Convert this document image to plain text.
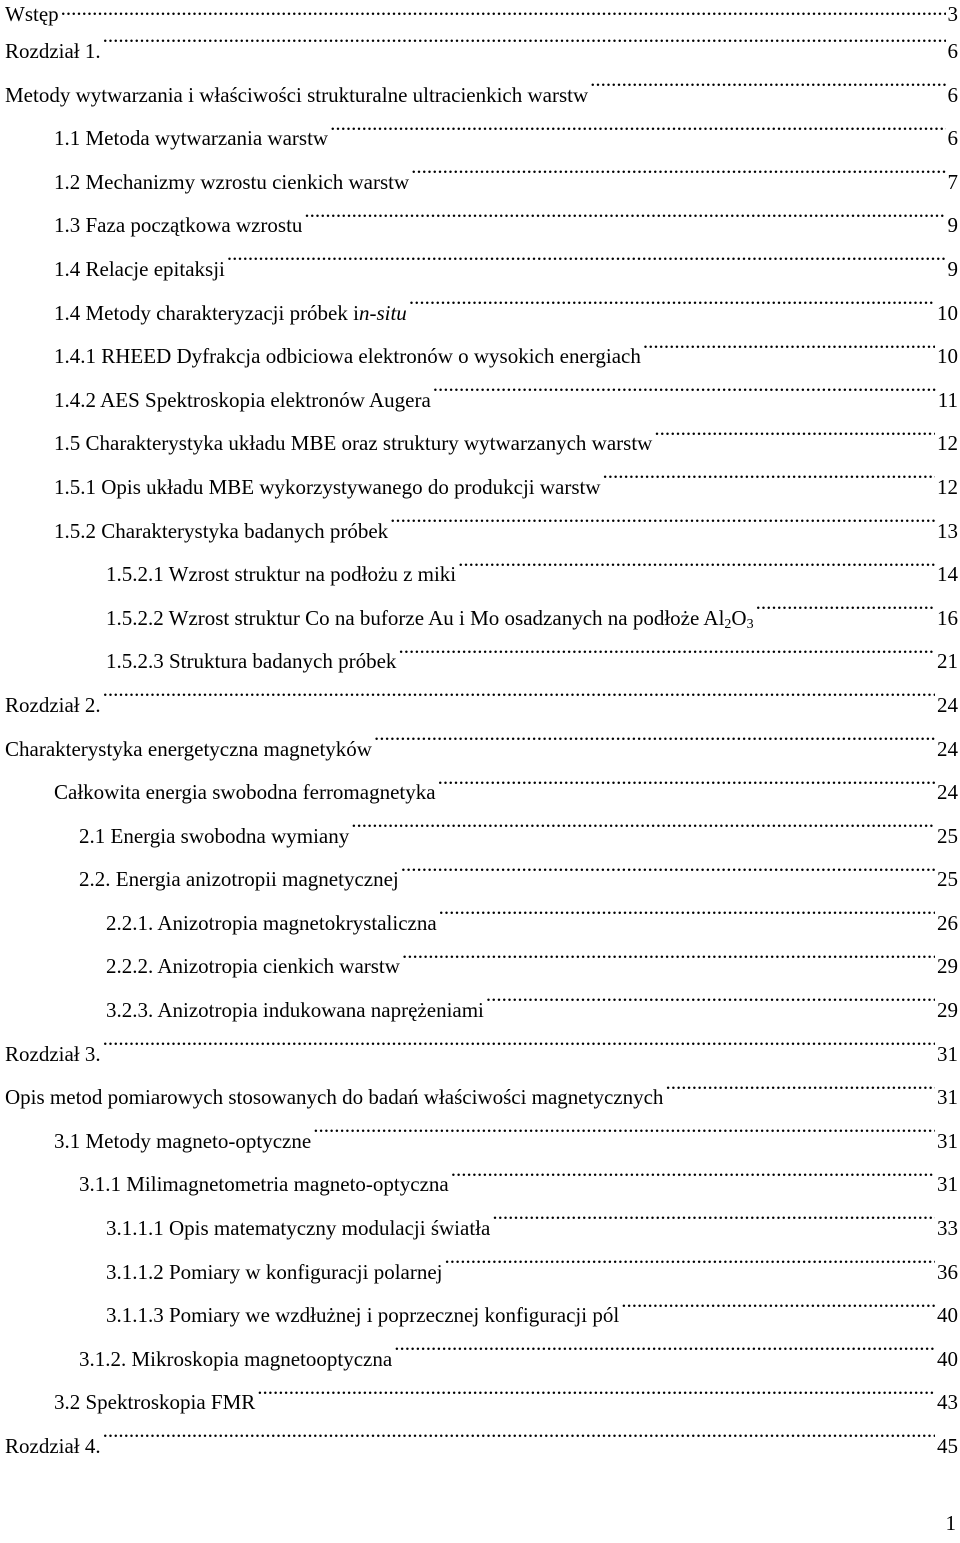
Wstęp .....	3
Rozdział 1. .....	6
Metody wytwarzania i właściwości strukturalne ultracienkich warstw .....	6
1.1 Metoda wytwarzania warstw .....	6
1.2 Mechanizmy wzrostu cienkich warstw .....	7
1.3 Faza początkowa wzrostu .....	9
1.4 Relacje epitaksji .....	9
1.4 Metody charakteryzacji próbek in-situ .....	10
1.4.1 RHEED Dyfrakcja odbiciowa elektronów o wysokich energiach .....	10
1.4.2 AES Spektroskopia elektronów Augera .....	11
1.5 Charakterystyka układu MBE oraz struktury wytwarzanych warstw .....	12
1.5.1 Opis układu MBE wykorzystywanego do produkcji warstw .....	12
1.5.2 Charakterystyka badanych próbek .....	13
1.5.2.1 Wzrost struktur na podłożu z miki .....	14
1.5.2.2 Wzrost struktur Co na buforze Au i Mo osadzanych na podłoże $Al_2O_3$ .....	16
1.5.2.3 Struktura badanych próbek .....	21
Rozdział 2. .....	24
Charakterystyka energetyczna magnetyków .....	24
Całkowita energia swobodna ferromagnetyka .....	24
2.1 Energia swobodna wymiany .....	25
2.2. Energia anizotropii magnetycznej .....	25
2.2.1. Anizotropia magnetokrystaliczna .....	26
2.2.2. Anizotropia cienkich warstw .....	29
3.2.3. Anizotropia indukowana naprężeniami .....	29
Rozdział 3. .....	31
Opis metod pomiarowych stosowanych do badań właściwości magnetycznych .....	31
3.1 Metody magneto-optyczne .....	31
3.1.1 Milimagnetometria magneto-optyczna .....	31
3.1.1.1 Opis matematyczny modulacji światła .....	33
3.1.1.2 Pomiary w konfiguracji polarnej .....	36
3.1.1.3 Pomiary we wzdłużnej i poprzecznej konfiguracji pól .....	40
3.1.2. Mikroskopia magnetooptyczna .....	40
3.2 Spektroskopia FMR .....	43
Rozdział 4. .....	45
1
